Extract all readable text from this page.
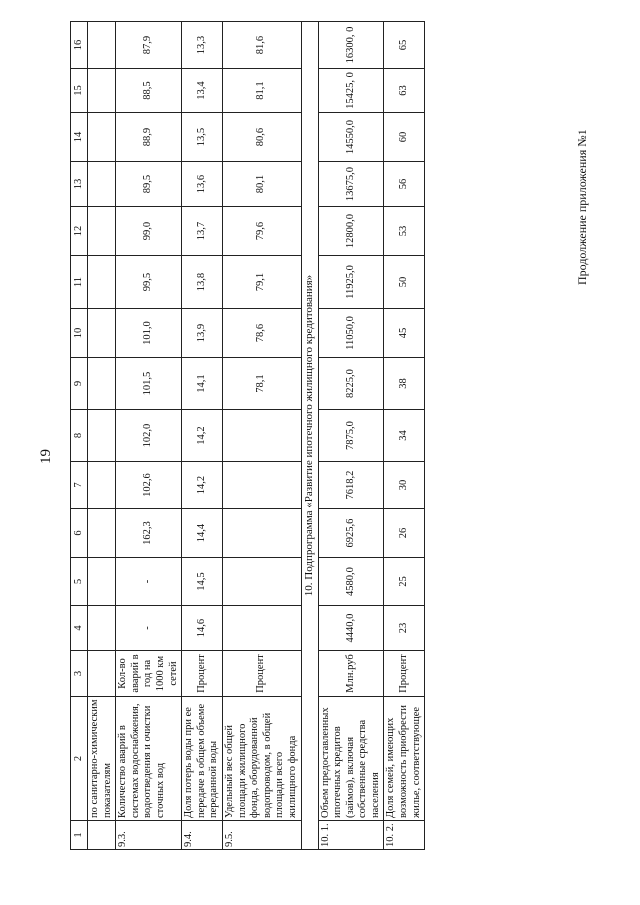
19
Продолжение приложения №1
1	2	3	4	5	6	7	8	9	10	11	12	13	14	15	16
	по санитарно-химическим показателям														
9.3.	Количество аварий в системах водоснабжения, водоотведения и очистки сточных вод	Кол-во аварий в год на 1000 км сетей	-	-	162,3	102,6	102,0	101,5	101,0	99,5	99,0	89,5	88,9	88,5	87,9
9.4.	Доля потерь воды при ее передаче в общем объеме переданной воды	Процент	14,6	14,5	14,4	14,2	14,2	14,1	13,9	13,8	13,7	13,6	13,5	13,4	13,3
9.5.	Удельный вес общей площади жилищного фонда, оборудованной водопроводом, в общей площади всего жилищного фонда	Процент						78,1	78,6	79,1	79,6	80,1	80,6	81,1	81,6
10. Подпрограмма «Развитие ипотечного жилищного кредитования»															
10. 1.	Объем предоставленных ипотечных кредитов (займов), включая собственные средства населения	Млн.руб	4440,0	4580,0	6925,6	7618,2	7875,0	8225,0	11050,0	11925,0	12800,0	13675,0	14550,0	15425, 0	16300, 0
10. 2.	Доля семей, имеющих возможность приобрести жилье, соответствующее	Процент	23	25	26	30	34	38	45	50	53	56	60	63	65
